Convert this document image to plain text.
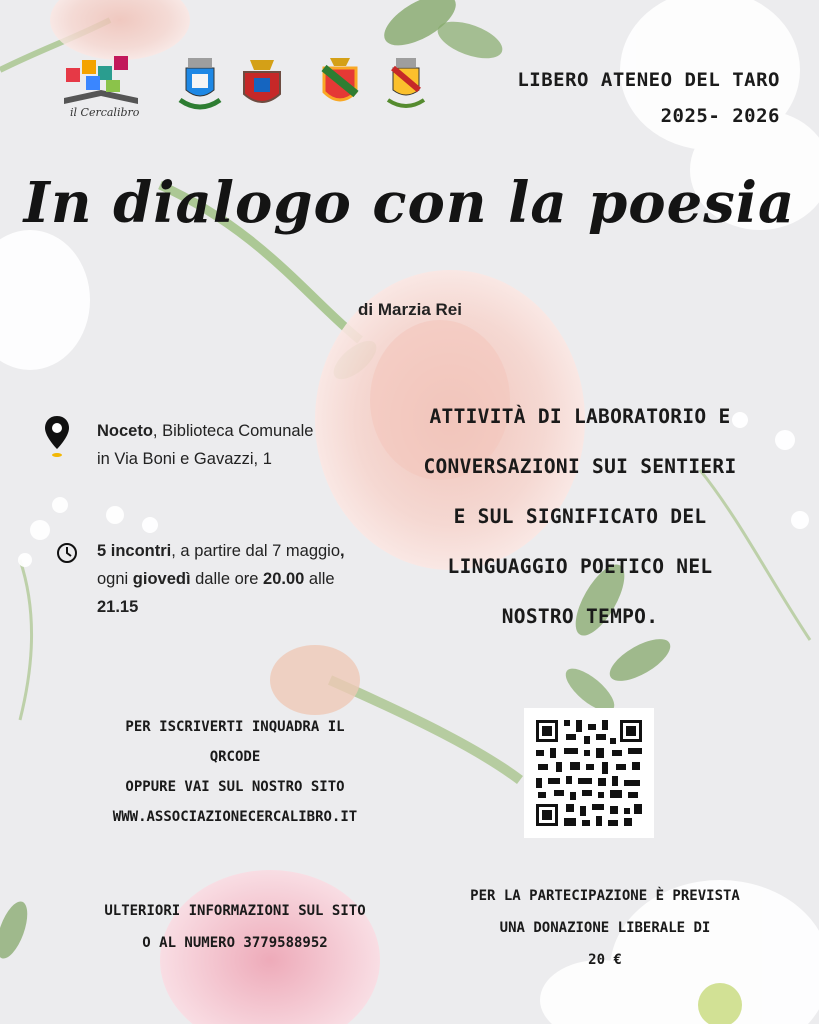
il Cercalibro
LIBERO ATENEO DEL TARO
2025- 2026
In dialogo con la poesia
di Marzia Rei
Noceto, Biblioteca Comunale in Via Boni e Gavazzi, 1
5 incontri, a partire dal 7 maggio, ogni giovedì dalle ore 20.00 alle 21.15
ATTIVITÀ DI LABORATORIO E
CONVERSAZIONI SUI SENTIERI
E SUL SIGNIFICATO DEL
LINGUAGGIO POETICO NEL
NOSTRO TEMPO.
PER ISCRIVERTI INQUADRA IL
QRCODE
OPPURE VAI SUL NOSTRO SITO
WWW.ASSOCIAZIONECERCALIBRO.IT
ULTERIORI INFORMAZIONI SUL SITO
O AL NUMERO 3779588952
PER LA PARTECIPAZIONE È PREVISTA
UNA DONAZIONE LIBERALE DI
20 €
